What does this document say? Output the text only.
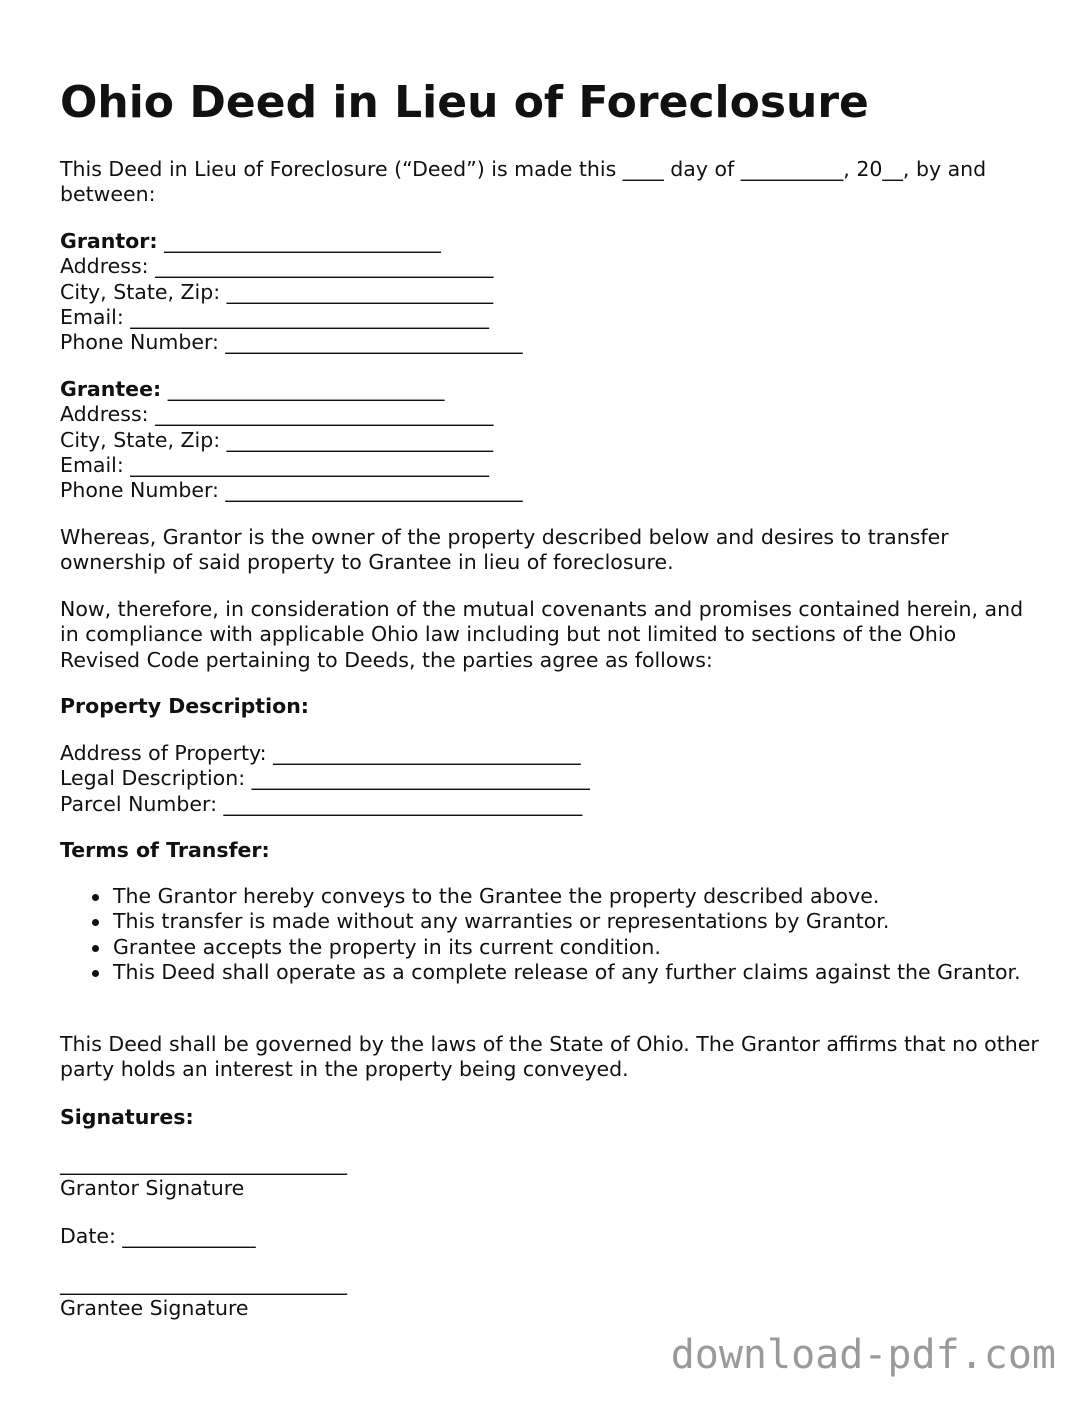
Ohio Deed in Lieu of Foreclosure
This Deed in Lieu of Foreclosure (“Deed”) is made this ____ day of __________, 20__, by and between:
Grantor: ___________________________
Address: _________________________________
City, State, Zip: __________________________
Email: ___________________________________
Phone Number: _____________________________
Grantee: ___________________________
Address: _________________________________
City, State, Zip: __________________________
Email: ___________________________________
Phone Number: _____________________________
Whereas, Grantor is the owner of the property described below and desires to transfer ownership of said property to Grantee in lieu of foreclosure.
Now, therefore, in consideration of the mutual covenants and promises contained herein, and in compliance with applicable Ohio law including but not limited to sections of the Ohio Revised Code pertaining to Deeds, the parties agree as follows:
Property Description:
Address of Property: ______________________________
Legal Description: _________________________________
Parcel Number: ___________________________________
Terms of Transfer:
The Grantor hereby conveys to the Grantee the property described above.
This transfer is made without any warranties or representations by Grantor.
Grantee accepts the property in its current condition.
This Deed shall operate as a complete release of any further claims against the Grantor.
This Deed shall be governed by the laws of the State of Ohio. The Grantor affirms that no other party holds an interest in the property being conveyed.
Signatures:
____________________________
Grantor Signature
Date: _____________
____________________________
Grantee Signature
download-pdf.com
